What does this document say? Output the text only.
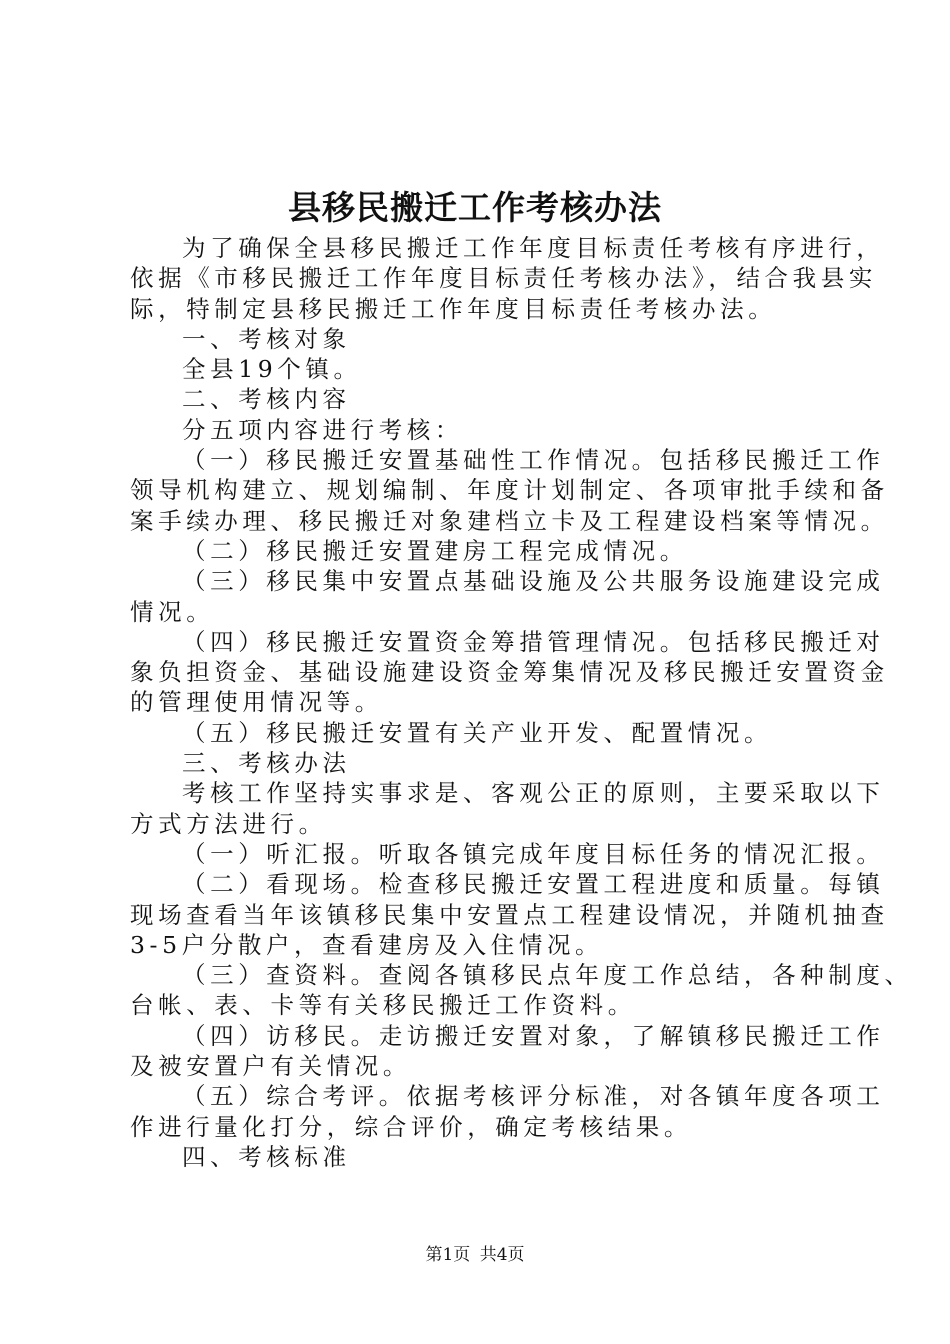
县移民搬迁工作考核办法
为了确保全县移民搬迁工作年度目标责任考核有序进行，
依据《市移民搬迁工作年度目标责任考核办法》，结合我县实
际，特制定县移民搬迁工作年度目标责任考核办法。
一、考核对象
全县19个镇。
二、考核内容
分五项内容进行考核：
（一）移民搬迁安置基础性工作情况。包括移民搬迁工作
领导机构建立、规划编制、年度计划制定、各项审批手续和备
案手续办理、移民搬迁对象建档立卡及工程建设档案等情况。
（二）移民搬迁安置建房工程完成情况。
（三）移民集中安置点基础设施及公共服务设施建设完成
情况。
（四）移民搬迁安置资金筹措管理情况。包括移民搬迁对
象负担资金、基础设施建设资金筹集情况及移民搬迁安置资金
的管理使用情况等。
（五）移民搬迁安置有关产业开发、配置情况。
三、考核办法
考核工作坚持实事求是、客观公正的原则，主要采取以下
方式方法进行。
（一）听汇报。听取各镇完成年度目标任务的情况汇报。
（二）看现场。检查移民搬迁安置工程进度和质量。每镇
现场查看当年该镇移民集中安置点工程建设情况，并随机抽查
3-5户分散户，查看建房及入住情况。
（三）查资料。查阅各镇移民点年度工作总结，各种制度、
台帐、表、卡等有关移民搬迁工作资料。
（四）访移民。走访搬迁安置对象，了解镇移民搬迁工作
及被安置户有关情况。
（五）综合考评。依据考核评分标准，对各镇年度各项工
作进行量化打分，综合评价，确定考核结果。
四、考核标准
第1页 共4页
